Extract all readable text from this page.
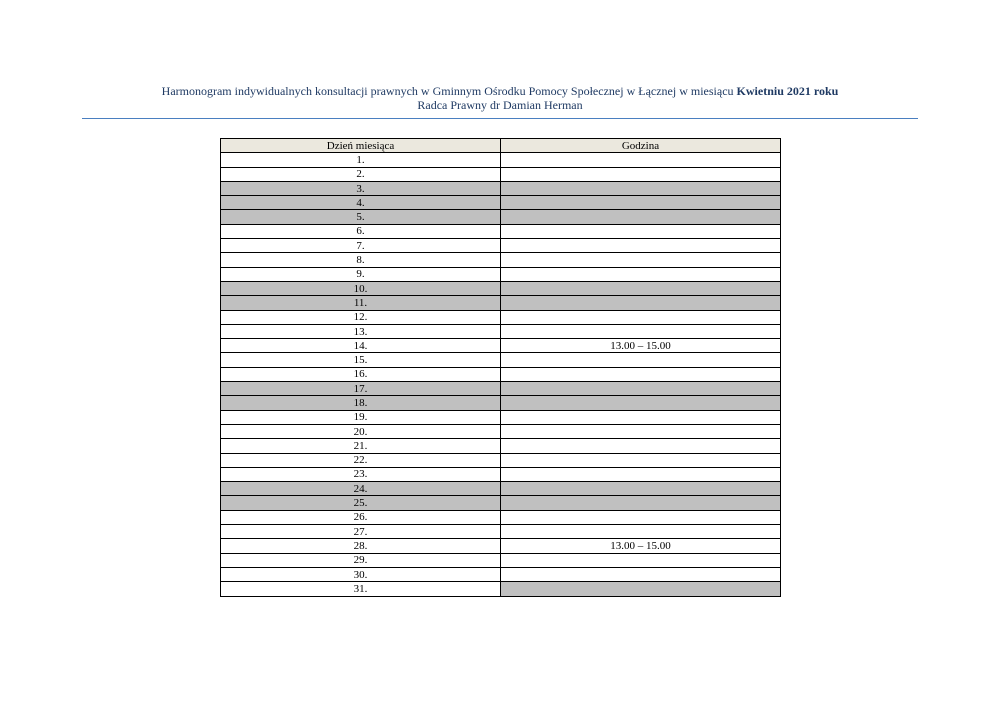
Harmonogram indywidualnych konsultacji prawnych w Gminnym Ośrodku Pomocy Społecznej w Łącznej w miesiącu Kwietniu 2021 roku
Radca Prawny dr Damian Herman
Dzień miesiąca	Godzina
1.	
2.	
3.	
4.	
5.	
6.	
7.	
8.	
9.	
10.	
11.	
12.	
13.	
14.	13.00 – 15.00
15.	
16.	
17.	
18.	
19.	
20.	
21.	
22.	
23.	
24.	
25.	
26.	
27.	
28.	13.00 – 15.00
29.	
30.	
31.	
